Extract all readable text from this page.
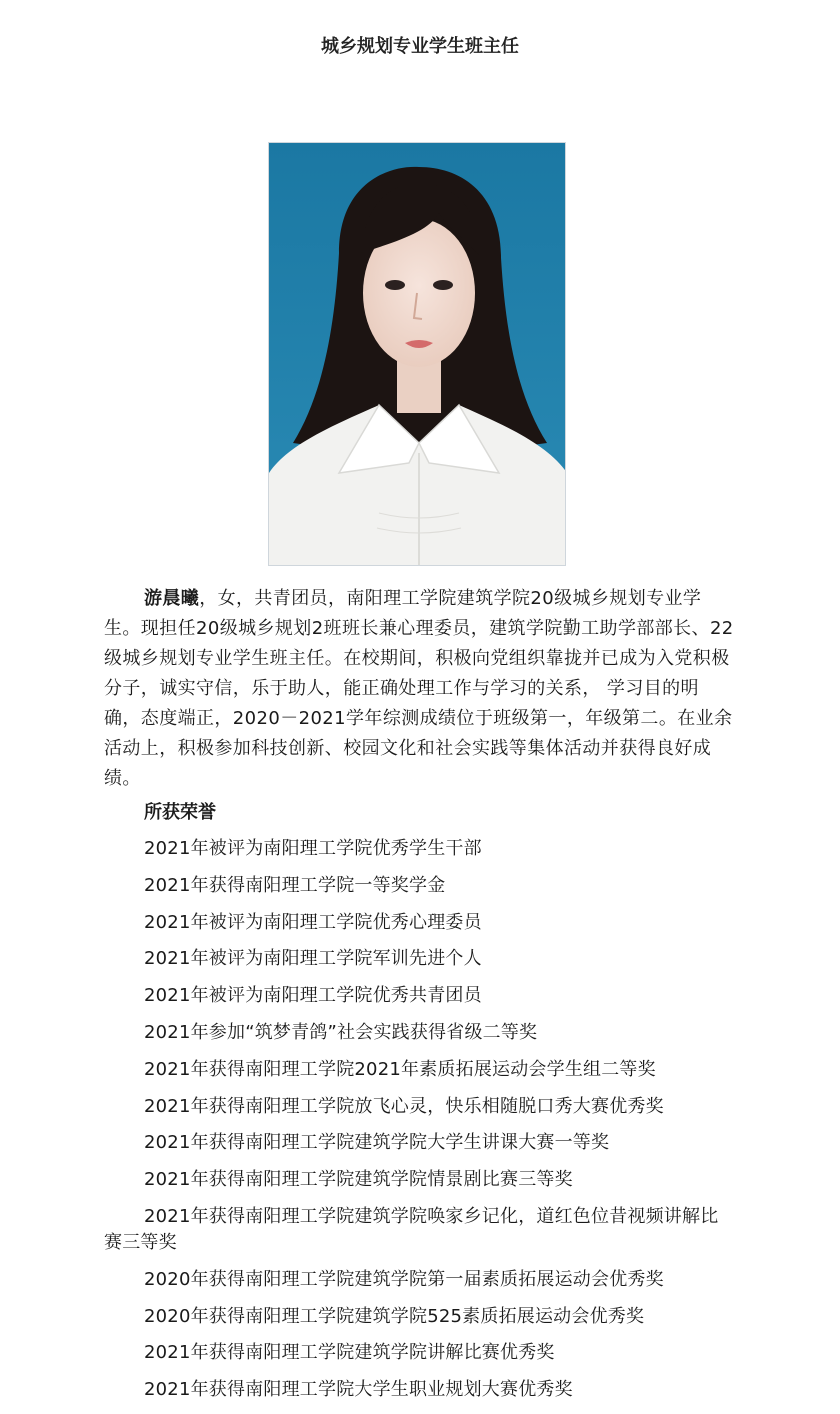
城乡规划专业学生班主任

游晨曦，女，共青团员，南阳理工学院建筑学院20级城乡规划专业学生。现担任20级城乡规划2班班长兼心理委员，建筑学院勤工助学部部长、22级城乡规划专业学生班主任。在校期间，积极向党组织靠拢并已成为入党积极分子，诚实守信，乐于助人，能正确处理工作与学习的关系， 学习目的明确，态度端正，2020－2021学年综测成绩位于班级第一，年级第二。在业余活动上，积极参加科技创新、校园文化和社会实践等集体活动并获得良好成绩。

所获荣誉
2021年被评为南阳理工学院优秀学生干部
2021年获得南阳理工学院一等奖学金
2021年被评为南阳理工学院优秀心理委员
2021年被评为南阳理工学院军训先进个人
2021年被评为南阳理工学院优秀共青团员
2021年参加“筑梦青鸽”社会实践获得省级二等奖
2021年获得南阳理工学院2021年素质拓展运动会学生组二等奖
2021年获得南阳理工学院放飞心灵，快乐相随脱口秀大赛优秀奖
2021年获得南阳理工学院建筑学院大学生讲课大赛一等奖
2021年获得南阳理工学院建筑学院情景剧比赛三等奖
2021年获得南阳理工学院建筑学院唤家乡记化，道红色位昔视频讲解比赛三等奖
2020年获得南阳理工学院建筑学院第一届素质拓展运动会优秀奖
2020年获得南阳理工学院建筑学院525素质拓展运动会优秀奖
2021年获得南阳理工学院建筑学院讲解比赛优秀奖
2021年获得南阳理工学院大学生职业规划大赛优秀奖
